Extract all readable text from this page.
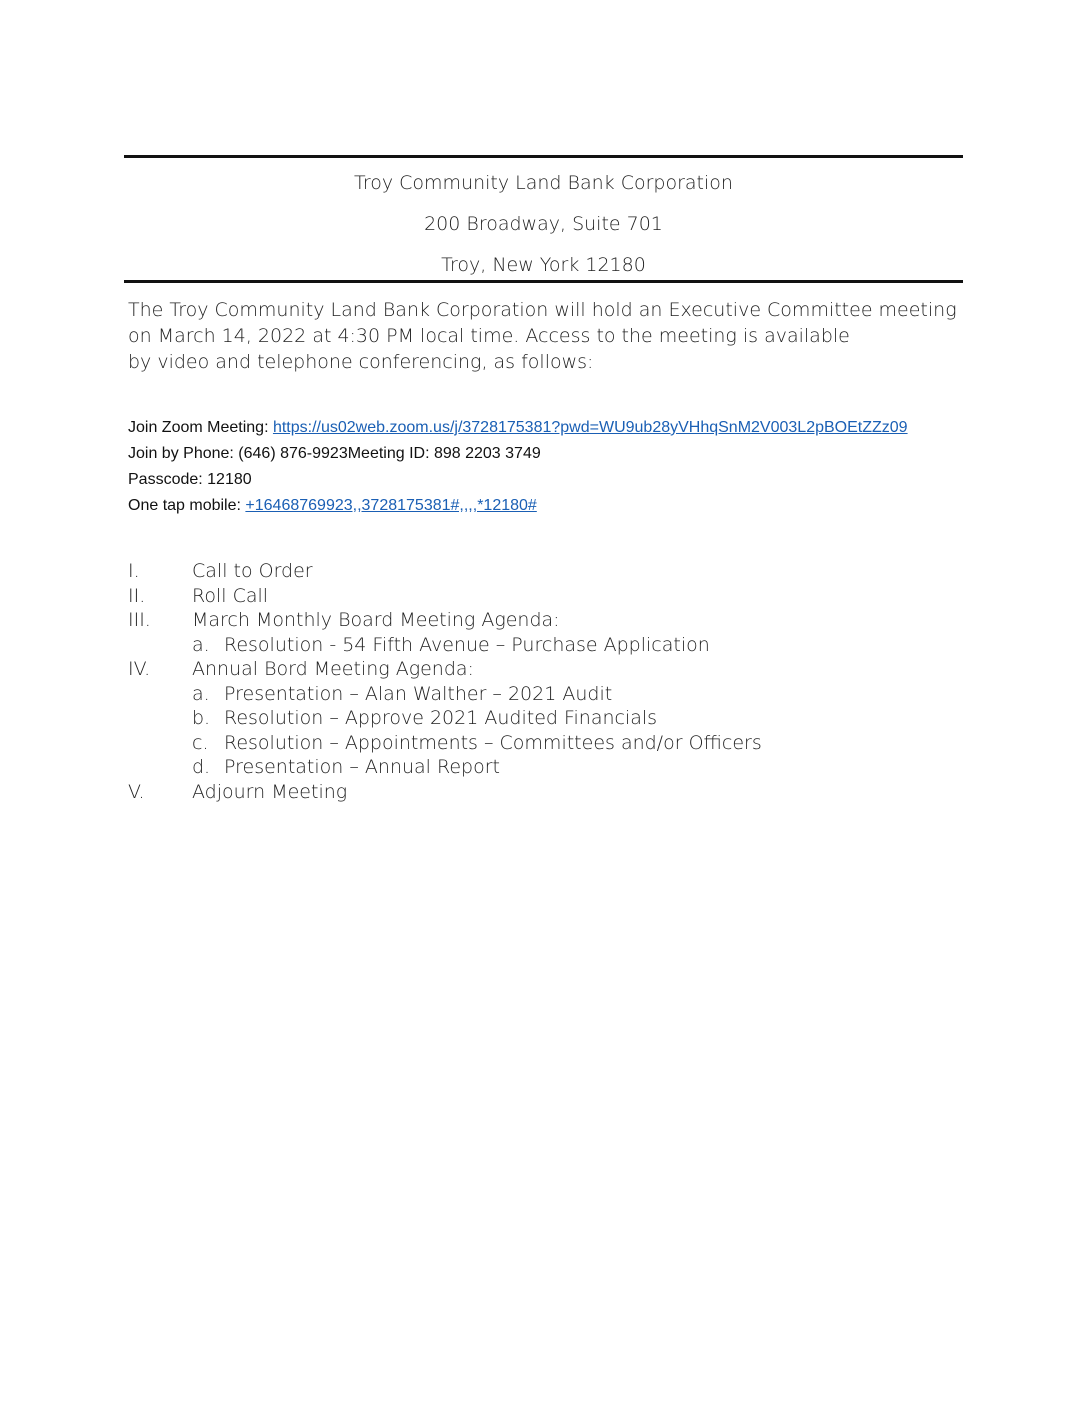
Troy Community Land Bank Corporation
200 Broadway, Suite 701
Troy, New York 12180
The Troy Community Land Bank Corporation will hold an Executive Committee meeting
on March 14, 2022 at 4:30 PM local time. Access to the meeting is available
by video and telephone conferencing, as follows:
Join Zoom Meeting: https://us02web.zoom.us/j/3728175381?pwd=WU9ub28yVHhqSnM2V003L2pBOEtZZz09
Join by Phone: (646) 876-9923Meeting ID: 898 2203 3749
Passcode: 12180
One tap mobile: +16468769923,,3728175381#,,,,*12180#
I.	Call to Order
II. Roll Call
III. March Monthly Board Meeting Agenda:
a. Resolution - 54 Fifth Avenue – Purchase Application
IV. Annual Bord Meeting Agenda:
a. Presentation – Alan Walther – 2021 Audit
b. Resolution – Approve 2021 Audited Financials
c. Resolution – Appointments – Committees and/or Officers
d. Presentation – Annual Report
V. Adjourn Meeting
